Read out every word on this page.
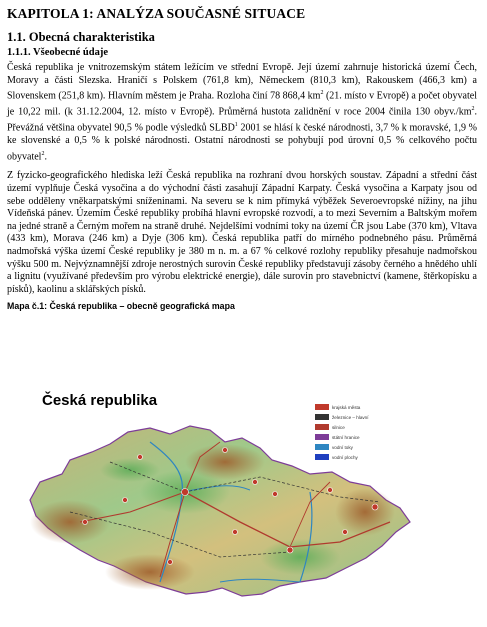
KAPITOLA 1: ANALÝZA SOUČASNÉ SITUACE
1.1. Obecná charakteristika
1.1.1. Všeobecné údaje

Česká republika je vnitrozemským státem ležícím ve střední Evropě. Její území zahrnuje historická území Čech, Moravy a části Slezska. Hraničí s Polskem (761,8 km), Německem (810,3 km), Rakouskem (466,3 km) a Slovenskem (251,8 km). Hlavním městem je Praha. Rozloha činí 78 868,4 $km^2$ (21. místo v Evropě) a počet obyvatel je 10,22 mil. (k 31.12.2004, 12. místo v Evropě). Průměrná hustota zalidnění v roce 2004 činila 130 $obyv./km^2$. Převážná většina obyvatel 90,5 % podle výsledků SLBD$^1$ 2001 se hlásí k české národnosti, 3,7 % k moravské, 1,9 % ke slovenské a 0,5 % k polské národnosti. Ostatní národnosti se pohybují pod úrovní 0,5 % celkového počtu obyvatel$^2$.

Z fyzicko-geografického hlediska leží Česká republika na rozhraní dvou horských soustav. Západní a střední část území vyplňuje Česká vysočina a do východní části zasahují Západní Karpaty. Česká vysočina a Karpaty jsou od sebe odděleny vněkarpatskými sníženinami. Na severu se k nim přímyká výběžek Severoevropské nížiny, na jihu Vídeňská pánev. Územím České republiky probíhá hlavní evropské rozvodí, a to mezi Severním a Baltským mořem na jedné straně a Černým mořem na straně druhé. Nejdelšími vodními toky na území ČR jsou Labe (370 km), Vltava (433 km), Morava (246 km) a Dyje (306 km). Česká republika patří do mírného podnebného pásu. Průměrná nadmořská výška území České republiky je 380 m n. m. a 67 % celkové rozlohy republiky přesahuje nadmořskou výšku 500 m. Nejvýznamnější zdroje nerostných surovin České republiky představují zásoby černého a hnědého uhlí a lignitu (využívané především pro výrobu elektrické energie), dále surovin pro stavebnictví (kamene, štěrkopísku a písků), kaolinu a sklářských písků.

Mapa č.1: Česká republika – obecně geografická mapa
Česká republika	krajská města
železnice – hlavní
silnice
státní hranice
vodní toky
vodní plochy
